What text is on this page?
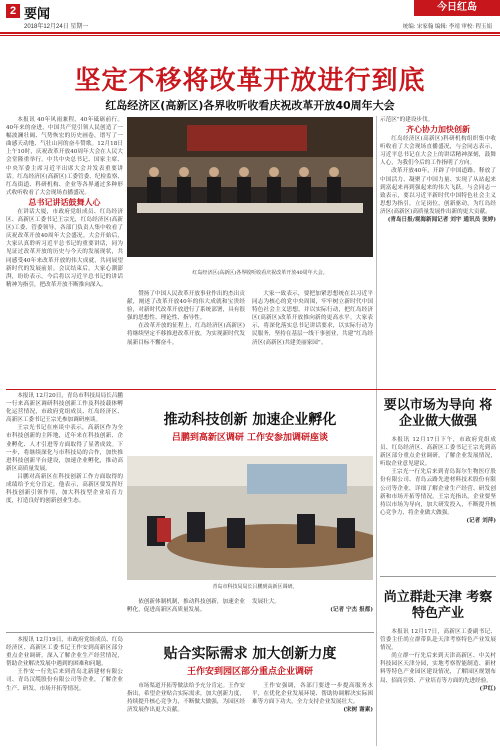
2 要闻
2018年12月24日 星期一
今日红岛
统编: 宋家翰 编辑: 李靖 审校: 程玉娟
坚定不移将改革开放进行到底
红岛经济区(高新区)各界收听收看庆祝改革开放40周年大会

本报讯 40年风雨兼程，40年砥砺前行。40年来的奋进，中国共产党引领人民创造了一幅波澜壮阔、气势恢宏的历史画卷，谱写了一曲感天动地、气壮山河的奋斗赞歌。12月18日上午10时，庆祝改革开放40周年大会在人民大会堂隆重举行。中共中央总书记、国家主席、中央军委主席习近平出席大会并发表重要讲话。红岛经济区(高新区)工委管委、纪检监察、红岛街道、科研机构、企业等各界通过多种形式收听收看了大会现场直播盛况。

总书记讲话鼓舞人心

在讲话大厦，市政府党组成员、红岛经济区、高新区工委书记王宗光，红岛经济区(高新区)工委、管委领导，各部门负责人集中收看了庆祝改革开放40周年大会盛况。大会开始后，大家认真聆听习近平总书记的重要讲话，同为见证过改革开放的历史与今天的发展现状，共同感受40年来改革开放的伟大成就，共同展望新时代的发展前景。会议结束后，大家心潮澎湃，纷纷表示，今后将以习近平总书记的讲话精神为指引，把改革开放不断推向深入。

红岛经济区(高新区)各界收听收看庆祝改革开放40周年大会。

赞扬了中国人民改革开放事业作出的杰出贡献，阐述了改革开放40年的伟大成就和宝贵经验，对新时代改革开放进行了系统部署，具有很强的思想性、理论性、指导性。

在改革开放的征程上，红岛经济区(高新区)将继续坚定不移推进改革开放，为实现新时代发展新目标不懈奋斗。

大家一致表示，要把加紧思想统在以习近平同志为核心的党中央周围，牢牢树立新时代中国特色社会主义思想，并以实际行动，把红岛经济区(高新区)改革开放推向新的更高水平。大家表示，将深化落实总书记讲话要求，以实际行动为民服务，坚持在基层一线干事创业，共建“红岛经济区(高新区)共建美丽家园”。

示范区”的建设步伐。

齐心协力加快创新

红岛经济区(高新区)科研机构组织集中收听收看了大会现场直播盛况，与会同志表示，习近平总书记在大会上的讲话精神深刻，鼓舞人心，为我们今后的工作指明了方向。

改革开放40年，开辟了中国道路、释放了中国活力、凝聚了中国力量、实现了从站起来到富起来再到强起来的伟大飞跃。与会同志一致表示，要以习近平新时代中国特色社会主义思想为指引，立足岗位，创新驱动，为红岛经济区(高新区)高质量发展作出新的更大贡献。

(青岛日报/观海新闻记者 刘宇 通讯员 张婷)

推动科技创新 加速企业孵化
吕鹏到高新区调研 工作安参加调研座谈

本报讯 12月20日，青岛市科技局局长吕鹏一行来高新区调研科技创新工作及科技载体孵化运营情况，市政府党组成员、红岛经济区、高新区工委书记王宗光参加调研座谈。

王宗光书记在座谈中表示，高新区作为全市科技创新的主阵地，近年来在科技创新、企业孵化、人才引进等方面取得了显著成效。下一步，将继续深化与市科技局的合作，加快推进科技创新平台建设，加速企业孵化，推动高新区高质量发展。

吕鹏对高新区在科技创新工作方面取得的成绩给予充分肯定。他表示，高新区要发挥好科技创新引领作用，加大科技型企业培育力度，打造良好的创新创业生态。

青岛市科技局局长吕鹏到高新区调研。

依创新体制机制，推动科技创新，加速企业孵化，促进高新区高质量发展。

发展壮大。

(记者 宁杰 报都)

要以市场为导向 将企业做大做强

本报讯 12月17日下午，市政府党组成员、红岛经济区、高新区工委书记王宗光到高新区部分重点企业调研，了解企业发展情况，听取企业意见建议。

王宗光一行先后来到青岛海尔生物医疗股份有限公司、青岛云路先进材料技术股份有限公司等企业，详细了解企业生产经营、研发创新和市场开拓等情况。王宗光指出，企业要坚持以市场为导向，加大研发投入，不断提升核心竞争力，将企业做大做强。

(记者 刘萍)

尚立群赴天津 考察特色产业

本报讯 12月17日，高新区工委副书记、管委主任尚立群带队赴天津考察特色产业发展情况。

尚立群一行先后来到天津高新区、中关村科技园区天津分园，实地考察智能制造、新材料等特色产业园区建设情况，了解园区规划布局、招商引资、产业培育等方面的先进经验。

(尹红)

贴合实际需求 加大创新力度
王作安到园区部分重点企业调研

本报讯 12月19日，市政府党组成员、红岛经济区、高新区工委书记王作安到高新区部分重点企业调研，深入了解企业生产经营情况，帮助企业解决发展中遇到的困难和问题。

王作安一行先后来到青岛北新建材有限公司、青岛汉缆股份有限公司等企业，了解企业生产、研发、市场开拓等情况。	市场渠道开拓等做法给予充分肯定。王作安指出，希望企业贴合实际需求，加大创新力度，持续提升核心竞争力，不断做大做强，为园区经济发展作出更大贡献。

王作安强调，各部门要进一步提高服务水平，在优化企业发展环境、帮助协调解决实际困难等方面下功夫，全力支持企业发展壮大。

(宋树 谢素)
